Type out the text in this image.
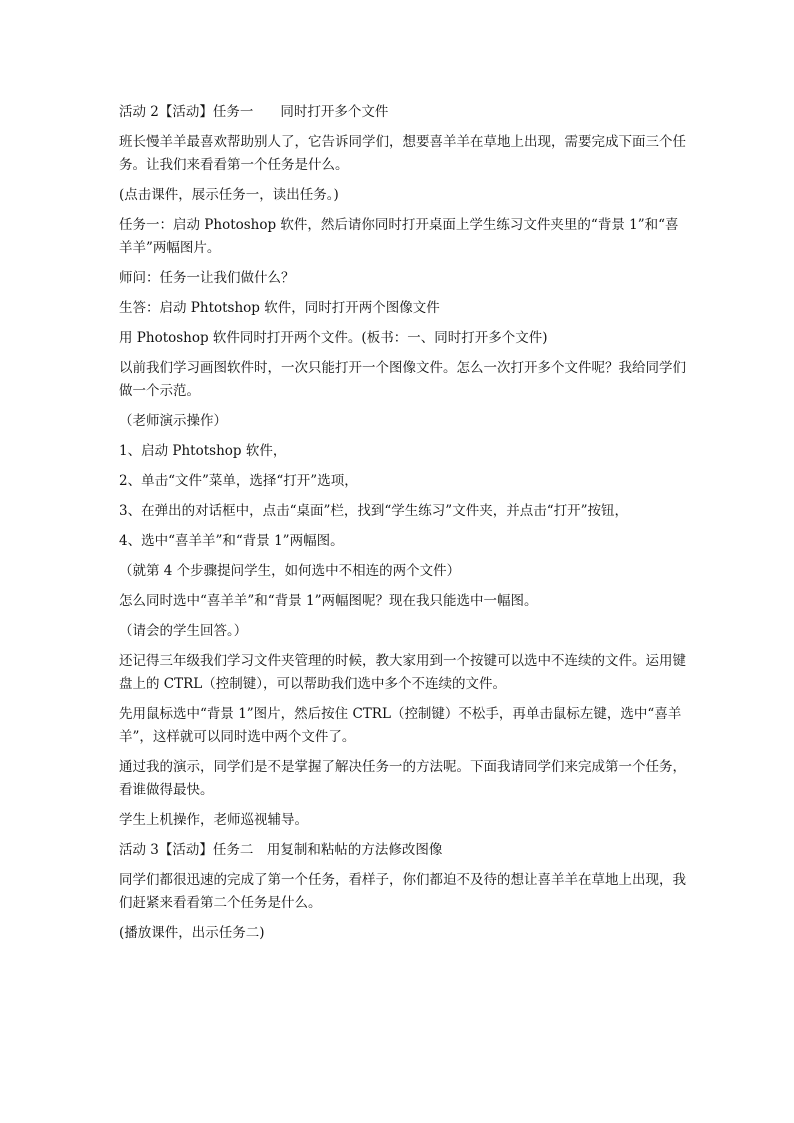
活动 2【活动】任务一　　同时打开多个文件

班长慢羊羊最喜欢帮助别人了，它告诉同学们，想要喜羊羊在草地上出现，需要完成下面三个任务。让我们来看看第一个任务是什么。

(点击课件，展示任务一，读出任务。)

任务一：启动 Photoshop 软件，然后请你同时打开桌面上学生练习文件夹里的“背景 1”和“喜羊羊”两幅图片。

师问：任务一让我们做什么？

生答：启动 Phtotshop 软件，同时打开两个图像文件

用 Photoshop 软件同时打开两个文件。(板书：一、同时打开多个文件)

以前我们学习画图软件时，一次只能打开一个图像文件。怎么一次打开多个文件呢？我给同学们做一个示范。

（老师演示操作）

1、启动 Phtotshop 软件，

2、单击“文件”菜单，选择“打开”选项，

3、在弹出的对话框中，点击“桌面”栏，找到“学生练习”文件夹，并点击“打开”按钮，

4、选中“喜羊羊”和“背景 1”两幅图。

（就第 4 个步骤提问学生，如何选中不相连的两个文件）

怎么同时选中“喜羊羊”和“背景 1”两幅图呢？现在我只能选中一幅图。

（请会的学生回答。）

还记得三年级我们学习文件夹管理的时候，教大家用到一个按键可以选中不连续的文件。运用键盘上的 CTRL（控制键），可以帮助我们选中多个不连续的文件。

先用鼠标选中“背景 1”图片，然后按住 CTRL（控制键）不松手，再单击鼠标左键，选中“喜羊羊”，这样就可以同时选中两个文件了。

通过我的演示，同学们是不是掌握了解决任务一的方法呢。下面我请同学们来完成第一个任务，看谁做得最快。

学生上机操作，老师巡视辅导。

活动 3【活动】任务二　用复制和粘帖的方法修改图像

同学们都很迅速的完成了第一个任务，看样子，你们都迫不及待的想让喜羊羊在草地上出现，我们赶紧来看看第二个任务是什么。

(播放课件，出示任务二)
